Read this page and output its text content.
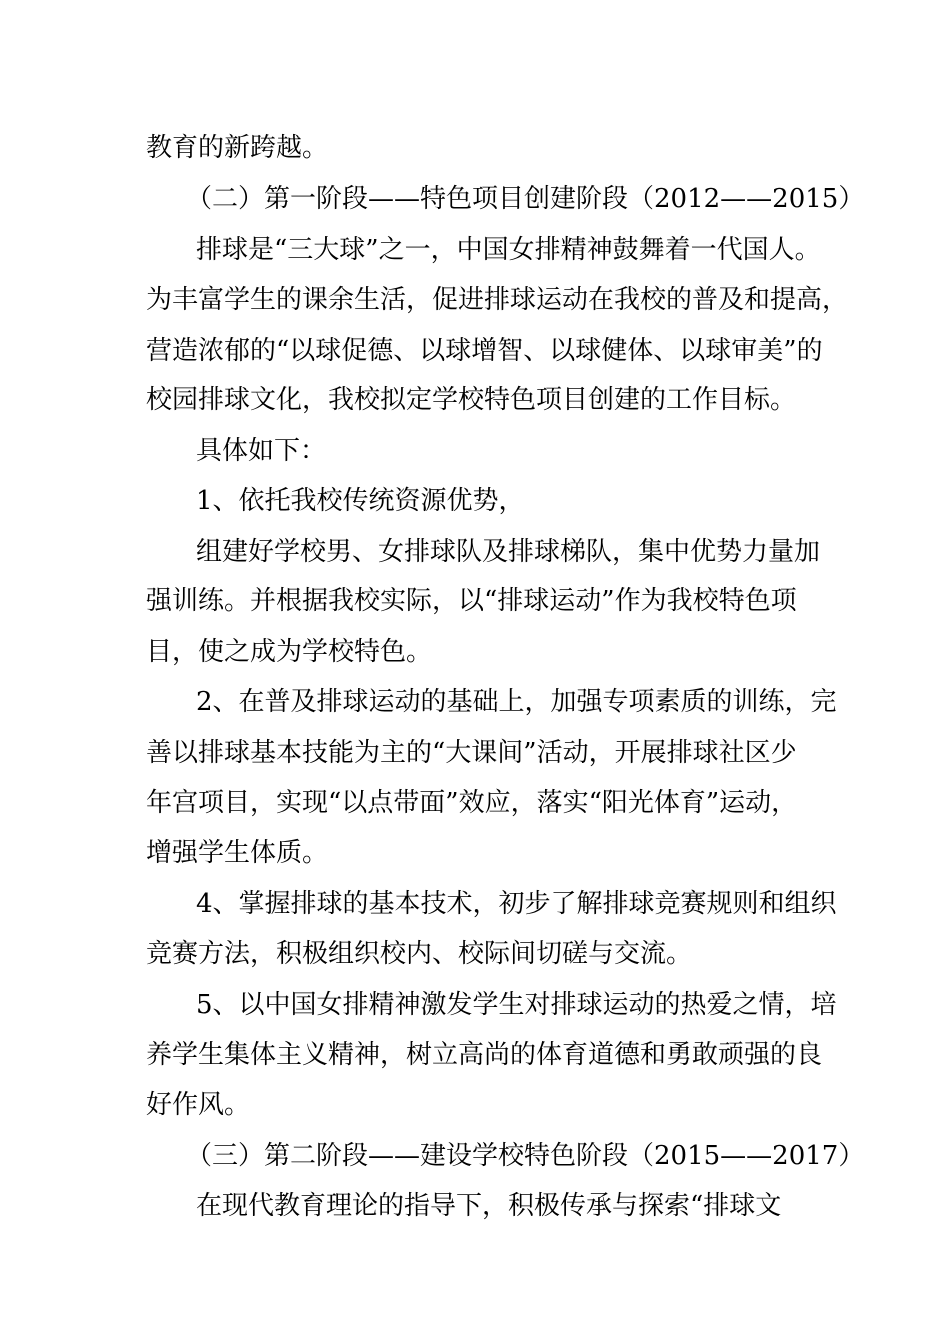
教育的新跨越。
（二）第一阶段——特色项目创建阶段（2012——2015）
排球是“三大球”之一，中国女排精神鼓舞着一代国人。
为丰富学生的课余生活，促进排球运动在我校的普及和提高，
营造浓郁的“以球促德、以球增智、以球健体、以球审美”的
校园排球文化，我校拟定学校特色项目创建的工作目标。
具体如下：
1、依托我校传统资源优势，
组建好学校男、女排球队及排球梯队，集中优势力量加
强训练。并根据我校实际，以“排球运动”作为我校特色项
目，使之成为学校特色。
2、在普及排球运动的基础上，加强专项素质的训练，完
善以排球基本技能为主的“大课间”活动，开展排球社区少
年宫项目，实现“以点带面”效应，落实“阳光体育”运动，
增强学生体质。
4、掌握排球的基本技术，初步了解排球竞赛规则和组织
竞赛方法，积极组织校内、校际间切磋与交流。
5、以中国女排精神激发学生对排球运动的热爱之情，培
养学生集体主义精神，树立高尚的体育道德和勇敢顽强的良
好作风。
（三）第二阶段——建设学校特色阶段（2015——2017）
在现代教育理论的指导下，积极传承与探索“排球文
